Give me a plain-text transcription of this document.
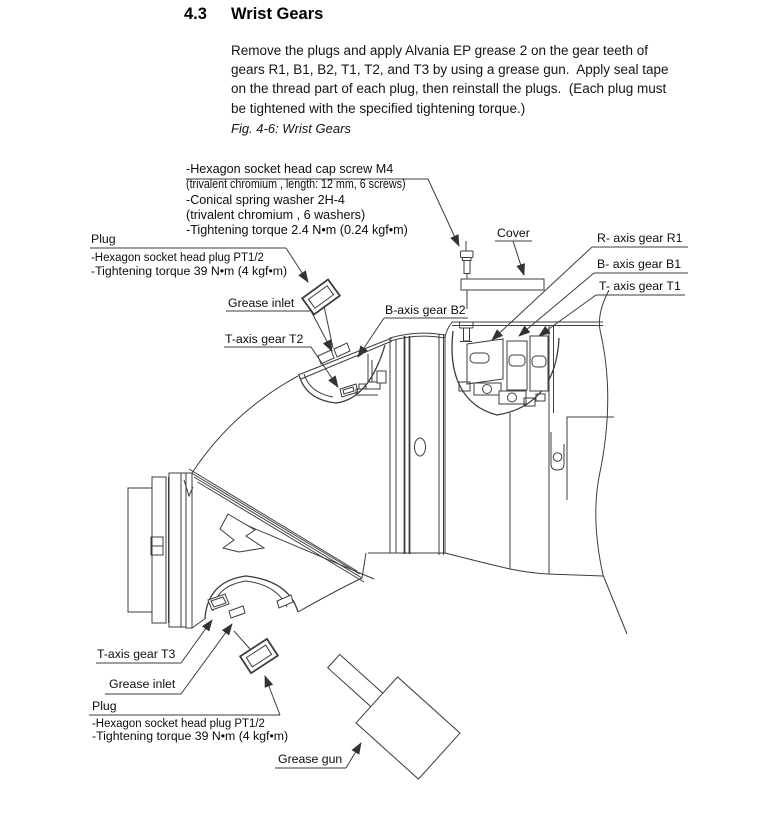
4.3 Wrist Gears
Remove the plugs and apply Alvania EP grease 2 on the gear teeth of
gears R1, B1, B2, T1, T2, and T3 by using a grease gun.  Apply seal tape
on the thread part of each plug, then reinstall the plugs.  (Each plug must
be tightened with the specified tightening torque.)
Fig. 4-6: Wrist Gears
-Hexagon socket head cap screw M4
(trivalent chromium , length: 12 mm, 6 screws)
-Conical spring washer 2H-4
(trivalent chromium , 6 washers)
-Tightening torque 2.4 N•m (0.24 kgf•m)
Plug
-Hexagon socket head plug PT1/2
-Tightening torque 39 N•m (4 kgf•m)
Grease inlet
T-axis gear T2
B-axis gear B2
Cover	R- axis gear R1
B- axis gear B1
T- axis gear T1
T-axis gear T3
Grease inlet
Plug
-Hexagon socket head plug PT1/2
-Tightening torque 39 N•m (4 kgf•m)
Grease gun
